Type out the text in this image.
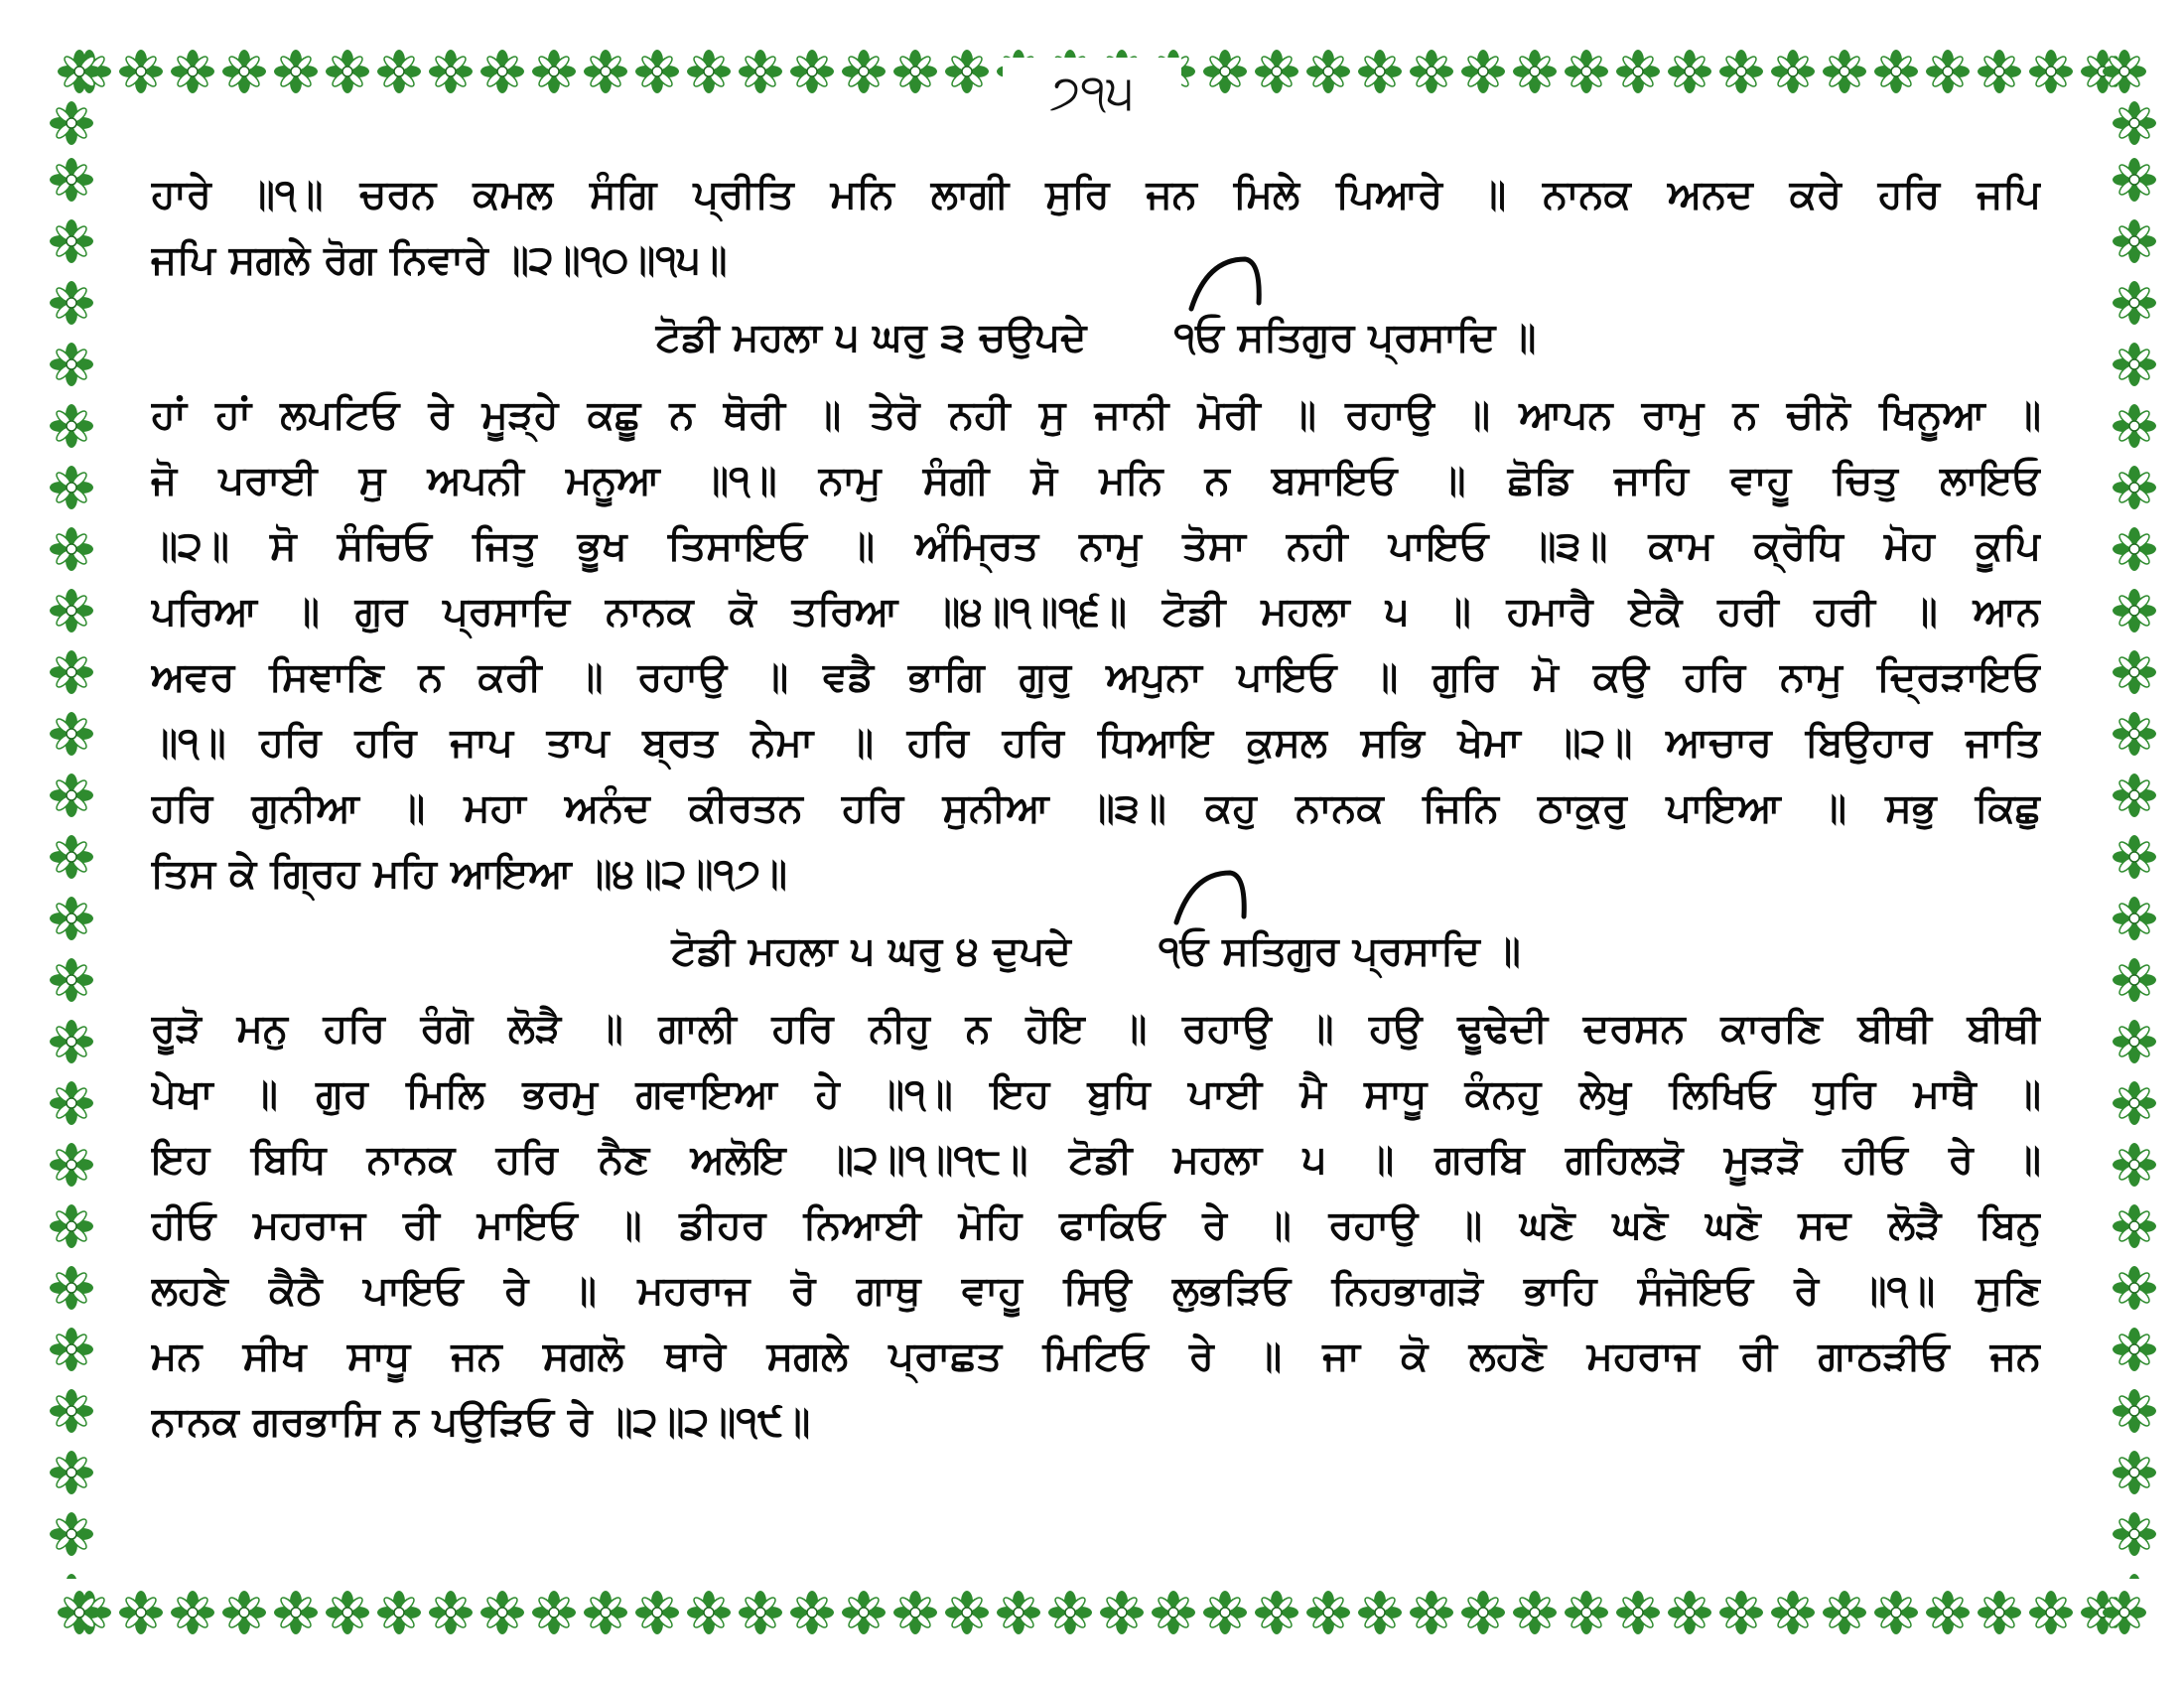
੭੧੫
ਹਾਰੇ ॥੧॥ ਚਰਨ ਕਮਲ ਸੰਗਿ ਪ੍ਰੀਤਿ ਮਨਿ ਲਾਗੀ ਸੁਰਿ ਜਨ ਮਿਲੇ ਪਿਆਰੇ ॥ ਨਾਨਕ ਅਨਦ ਕਰੇ ਹਰਿ ਜਪਿ
ਜਪਿ ਸਗਲੇ ਰੋਗ ਨਿਵਾਰੇ ॥੨॥੧੦॥੧੫॥
ਟੋਡੀ ਮਹਲਾ ੫ ਘਰੁ ੩ ਚਉਪਦੇ ੧ਓ ਸਤਿਗੁਰ ਪ੍ਰਸਾਦਿ ॥
ਹਾਂ ਹਾਂ ਲਪਟਿਓ ਰੇ ਮੂੜ੍ਹੇ ਕਛੂ ਨ ਥੋਰੀ ॥ ਤੇਰੋ ਨਹੀ ਸੁ ਜਾਨੀ ਮੋਰੀ ॥ ਰਹਾਉ ॥ ਆਪਨ ਰਾਮੁ ਨ ਚੀਨੋ ਖਿਨੂਆ ॥
ਜੋ ਪਰਾਈ ਸੁ ਅਪਨੀ ਮਨੂਆ ॥੧॥ ਨਾਮੁ ਸੰਗੀ ਸੋ ਮਨਿ ਨ ਬਸਾਇਓ ॥ ਛੋਡਿ ਜਾਹਿ ਵਾਹੂ ਚਿਤੁ ਲਾਇਓ
॥੨॥ ਸੋ ਸੰਚਿਓ ਜਿਤੁ ਭੂਖ ਤਿਸਾਇਓ ॥ ਅੰਮ੍ਰਿਤ ਨਾਮੁ ਤੋਸਾ ਨਹੀ ਪਾਇਓ ॥੩॥ ਕਾਮ ਕ੍ਰੋਧਿ ਮੋਹ ਕੂਪਿ
ਪਰਿਆ ॥ ਗੁਰ ਪ੍ਰਸਾਦਿ ਨਾਨਕ ਕੋ ਤਰਿਆ ॥੪॥੧॥੧੬॥ ਟੋਡੀ ਮਹਲਾ ੫ ॥ ਹਮਾਰੈ ਏਕੈ ਹਰੀ ਹਰੀ ॥ ਆਨ
ਅਵਰ ਸਿਞਾਣਿ ਨ ਕਰੀ ॥ ਰਹਾਉ ॥ ਵਡੈ ਭਾਗਿ ਗੁਰੁ ਅਪੁਨਾ ਪਾਇਓ ॥ ਗੁਰਿ ਮੋ ਕਉ ਹਰਿ ਨਾਮੁ ਦ੍ਰਿੜਾਇਓ
॥੧॥ ਹਰਿ ਹਰਿ ਜਾਪ ਤਾਪ ਬ੍ਰਤ ਨੇਮਾ ॥ ਹਰਿ ਹਰਿ ਧਿਆਇ ਕੁਸਲ ਸਭਿ ਖੇਮਾ ॥੨॥ ਆਚਾਰ ਬਿਉਹਾਰ ਜਾਤਿ
ਹਰਿ ਗੁਨੀਆ ॥ ਮਹਾ ਅਨੰਦ ਕੀਰਤਨ ਹਰਿ ਸੁਨੀਆ ॥੩॥ ਕਹੁ ਨਾਨਕ ਜਿਨਿ ਠਾਕੁਰੁ ਪਾਇਆ ॥ ਸਭੁ ਕਿਛੁ
ਤਿਸ ਕੇ ਗ੍ਰਿਹ ਮਹਿ ਆਇਆ ॥੪॥੨॥੧੭॥
ਟੋਡੀ ਮਹਲਾ ੫ ਘਰੁ ੪ ਦੁਪਦੇ ੧ਓ ਸਤਿਗੁਰ ਪ੍ਰਸਾਦਿ ॥
ਰੂੜੋ ਮਨੁ ਹਰਿ ਰੰਗੋ ਲੋੜੈ ॥ ਗਾਲੀ ਹਰਿ ਨੀਹੁ ਨ ਹੋਇ ॥ ਰਹਾਉ ॥ ਹਉ ਢੂਢੇਦੀ ਦਰਸਨ ਕਾਰਣਿ ਬੀਥੀ ਬੀਥੀ
ਪੇਖਾ ॥ ਗੁਰ ਮਿਲਿ ਭਰਮੁ ਗਵਾਇਆ ਹੇ ॥੧॥ ਇਹ ਬੁਧਿ ਪਾਈ ਮੈ ਸਾਧੂ ਕੰਨਹੁ ਲੇਖੁ ਲਿਖਿਓ ਧੁਰਿ ਮਾਥੈ ॥
ਇਹ ਬਿਧਿ ਨਾਨਕ ਹਰਿ ਨੈਣ ਅਲੋਇ ॥੨॥੧॥੧੮॥ ਟੋਡੀ ਮਹਲਾ ੫ ॥ ਗਰਬਿ ਗਹਿਲੜੋ ਮੂੜੜੋ ਹੀਓ ਰੇ ॥
ਹੀਓ ਮਹਰਾਜ ਰੀ ਮਾਇਓ ॥ ਡੀਹਰ ਨਿਆਈ ਮੋਹਿ ਫਾਕਿਓ ਰੇ ॥ ਰਹਾਉ ॥ ਘਣੋ ਘਣੋ ਘਣੋ ਸਦ ਲੋੜੈ ਬਿਨੁ
ਲਹਣੇ ਕੈਠੈ ਪਾਇਓ ਰੇ ॥ ਮਹਰਾਜ ਰੋ ਗਾਥੁ ਵਾਹੂ ਸਿਉ ਲੁਭੜਿਓ ਨਿਹਭਾਗੜੋ ਭਾਹਿ ਸੰਜੋਇਓ ਰੇ ॥੧॥ ਸੁਣਿ
ਮਨ ਸੀਖ ਸਾਧੂ ਜਨ ਸਗਲੋ ਥਾਰੇ ਸਗਲੇ ਪ੍ਰਾਛਤ ਮਿਟਿਓ ਰੇ ॥ ਜਾ ਕੋ ਲਹਣੋ ਮਹਰਾਜ ਰੀ ਗਾਠੜੀਓ ਜਨ
ਨਾਨਕ ਗਰਭਾਸਿ ਨ ਪਉੜਿਓ ਰੇ ॥੨॥੨॥੧੯॥
